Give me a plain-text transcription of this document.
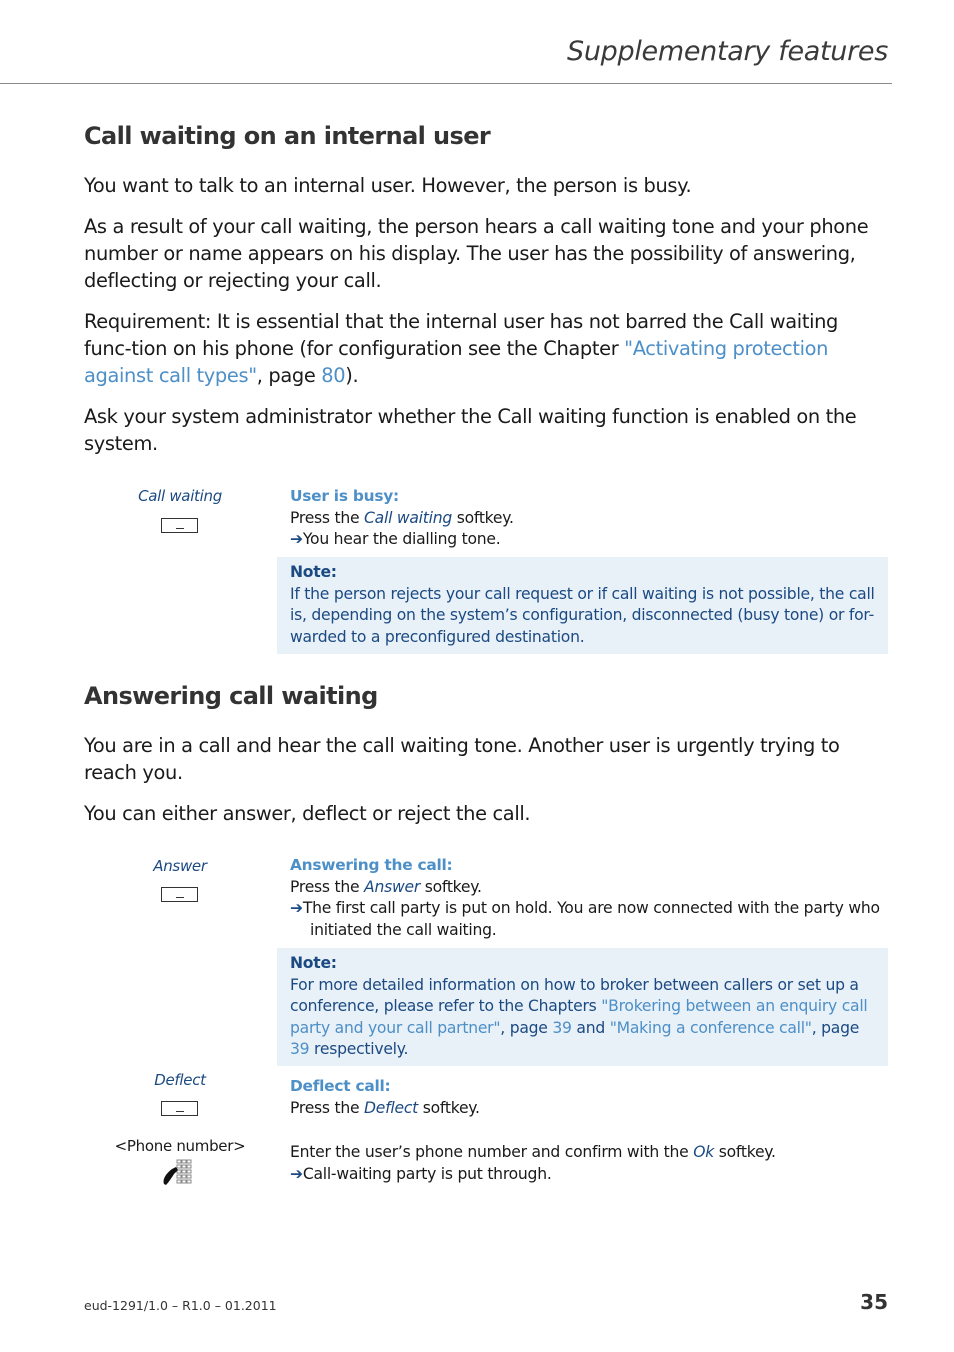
Supplementary features
Call waiting on an internal user
You want to talk to an internal user. However, the person is busy.
As a result of your call waiting, the person hears a call waiting tone and your phone number or name appears on his display. The user has the possibility of answering, deflecting or rejecting your call.
Requirement: It is essential that the internal user has not barred the Call waiting func-tion on his phone (for configuration see the Chapter "Activating protection against call types", page 80).
Ask your system administrator whether the Call waiting function is enabled on the system.
Call waiting	User is busy:
Press the Call waiting softkey.
➔You hear the dialling tone.
Note:
If the person rejects your call request or if call waiting is not possible, the call is, depending on the system’s configuration, disconnected (busy tone) or for-warded to a preconfigured destination.
Answering call waiting
You are in a call and hear the call waiting tone. Another user is urgently trying to reach you.
You can either answer, deflect or reject the call.
Answer	Answering the call:
Press the Answer softkey.
➔The first call party is put on hold. You are now connected with the party who
initiated the call waiting.
Note:
For more detailed information on how to broker between callers or set up a conference, please refer to the Chapters "Brokering between an enquiry call party and your call partner", page 39 and "Making a conference call", page 39 respectively.
Deflect	Deflect call:
Press the Deflect softkey.
<Phone number>	Enter the user’s phone number and confirm with the Ok softkey.
➔Call-waiting party is put through.
eud-1291/1.0 – R1.0 – 01.2011	35
